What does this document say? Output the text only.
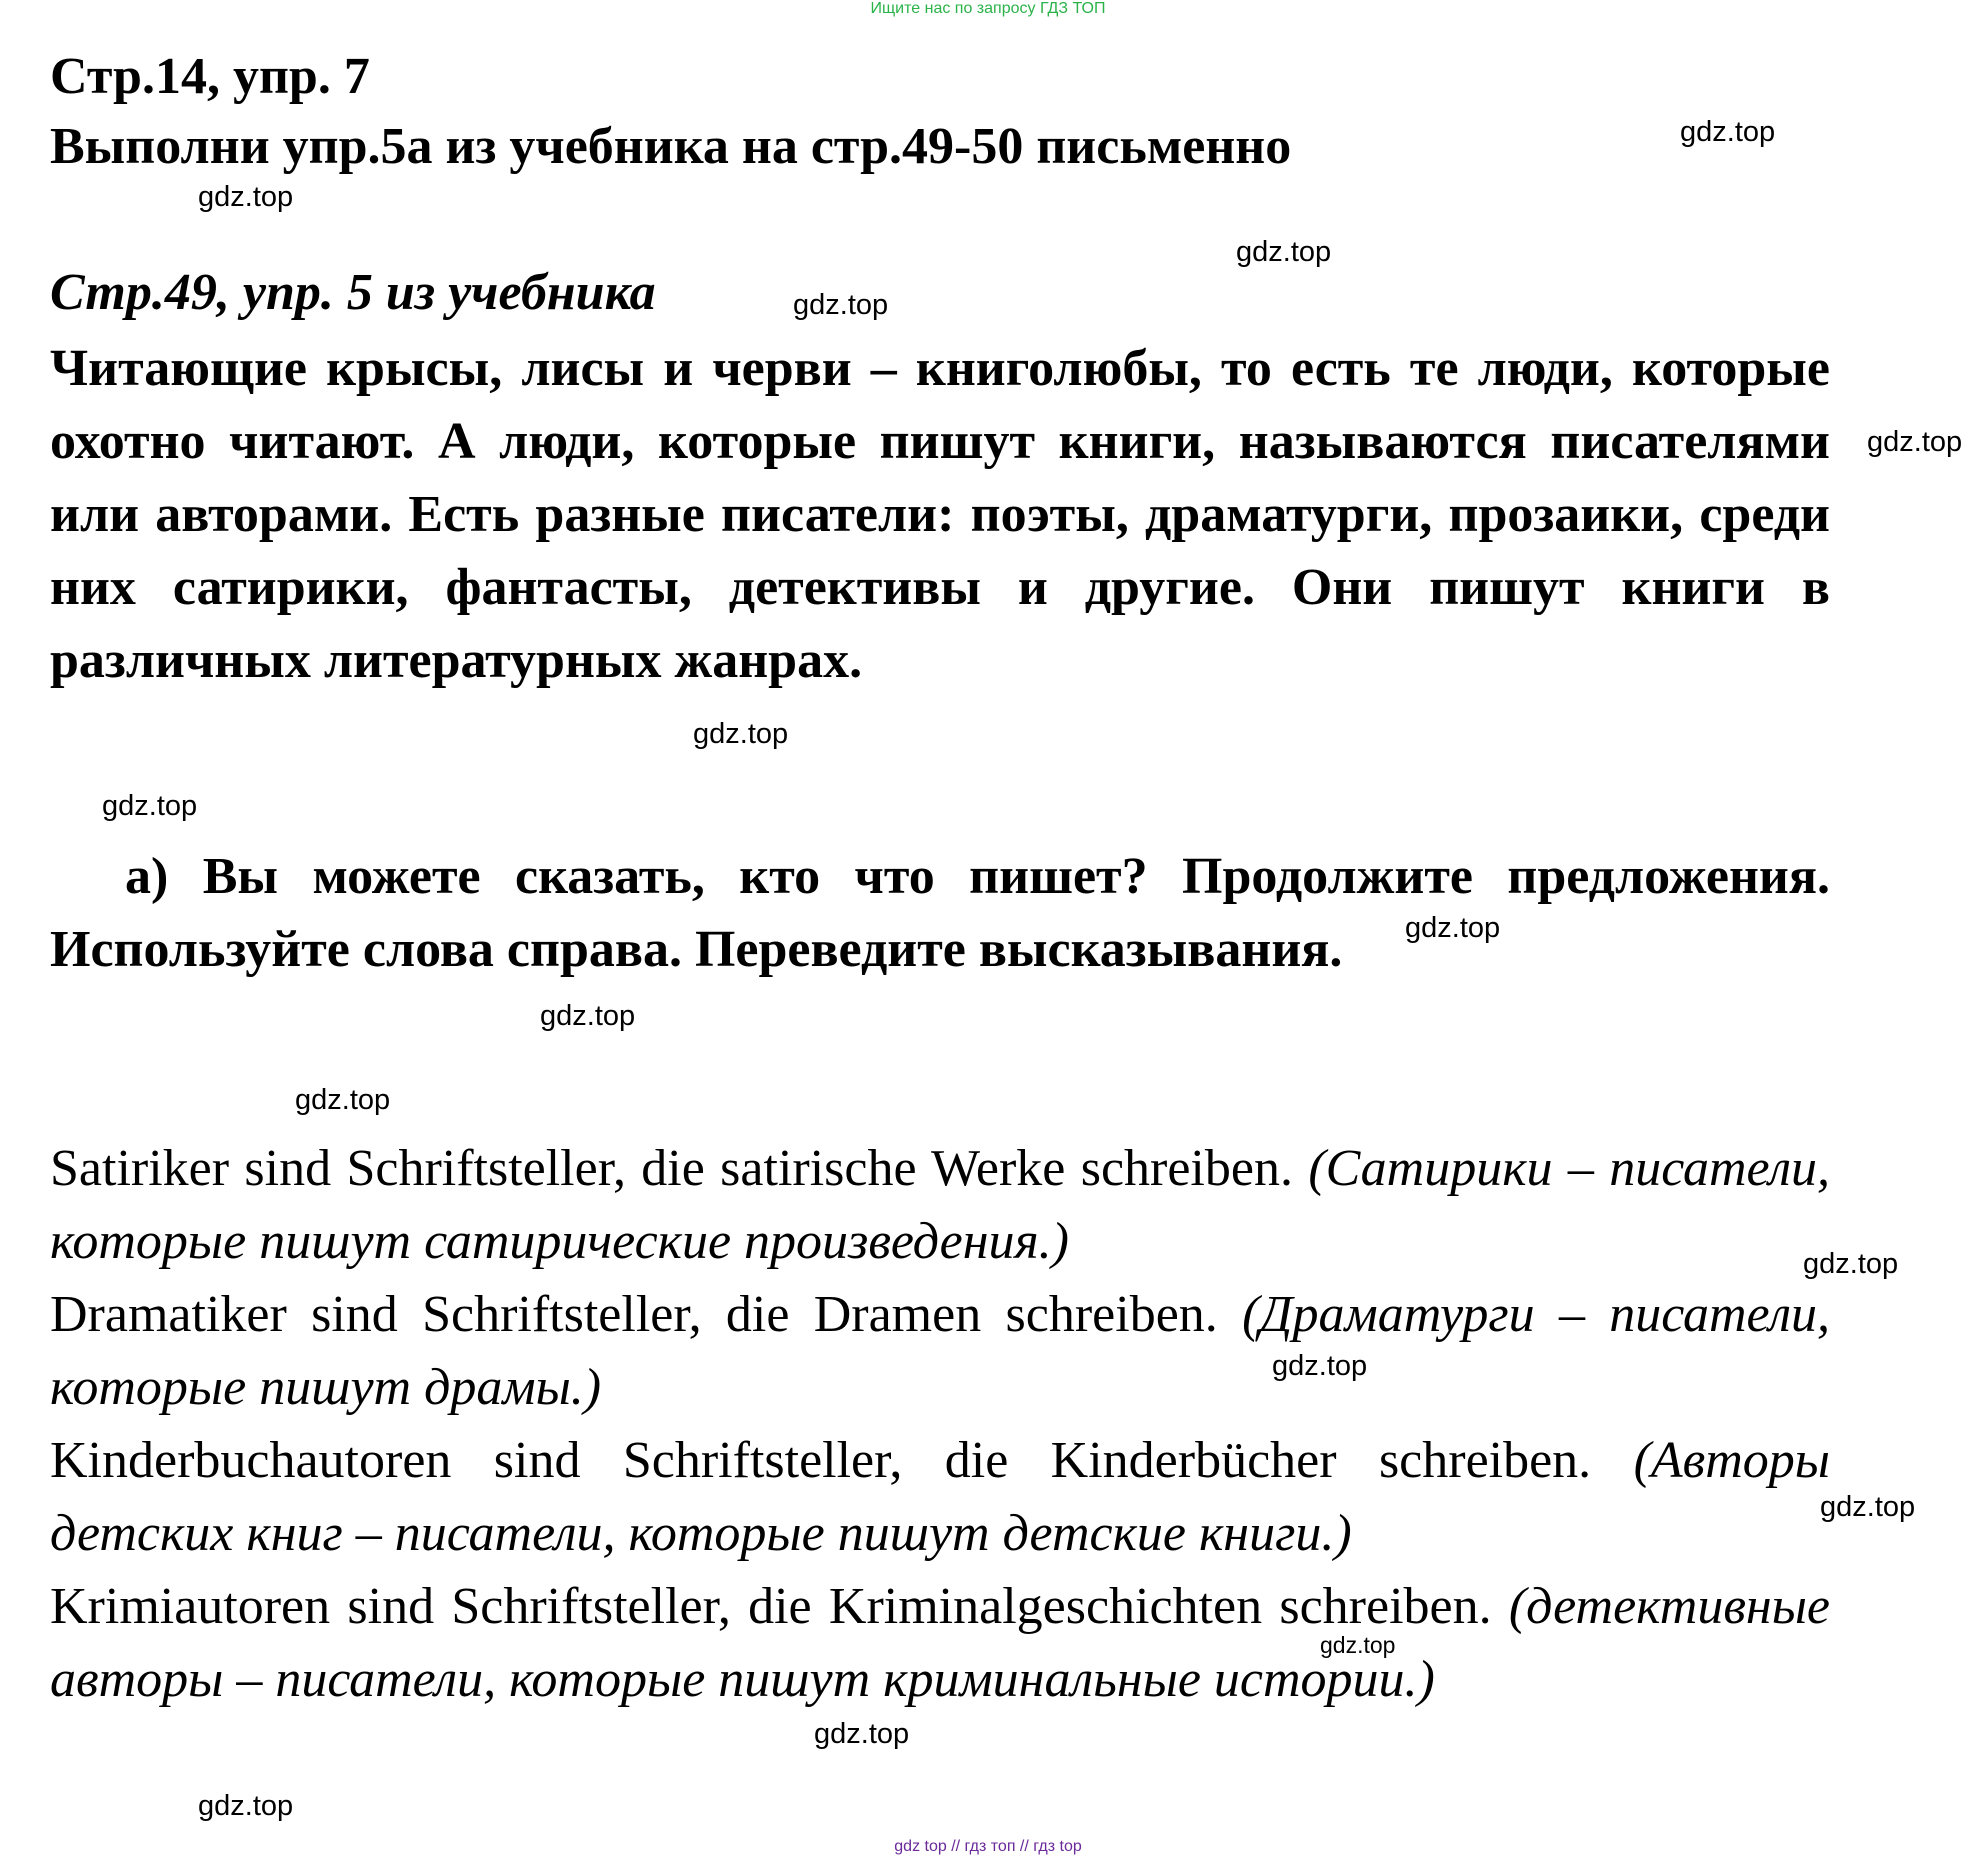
Ищите нас по запросу ГДЗ ТОП
Стр.14, упр. 7
Выполни упр.5а из учебника на стр.49-50 письменно
Стр.49, упр. 5 из учебника

Читающие крысы, лисы и черви – книголюбы, то есть те люди, которые охотно читают. А люди, которые пишут книги, называются писателями или авторами. Есть разные писатели: поэты, драматурги, прозаики, среди них сатирики, фантасты, детективы и другие. Они пишут книги в различных литературных жанрах.

а) Вы можете сказать, кто что пишет? Продолжите предложения. Используйте слова справа. Переведите высказывания.

Satiriker sind Schriftsteller, die satirische Werke schreiben. (Сатирики – писатели, которые пишут сатирические произведения.)

Dramatiker sind Schriftsteller, die Dramen schreiben. (Драматурги – писатели, которые пишут драмы.)

Kinderbuchautoren sind Schriftsteller, die Kinderbücher schreiben. (Авторы детских книг – писатели, которые пишут детские книги.)

Krimiautoren sind Schriftsteller, die Kriminalgeschichten schreiben. (детективные авторы – писатели, которые пишут криминальные истории.)

gdz.top
gdz.top
gdz.top
gdz.top
gdz.top
gdz.top
gdz.top
gdz.top
gdz.top
gdz.top
gdz.top
gdz.top
gdz.top
gdz.top
gdz.top
gdz.top
gdz top // гдз топ // гдз top
